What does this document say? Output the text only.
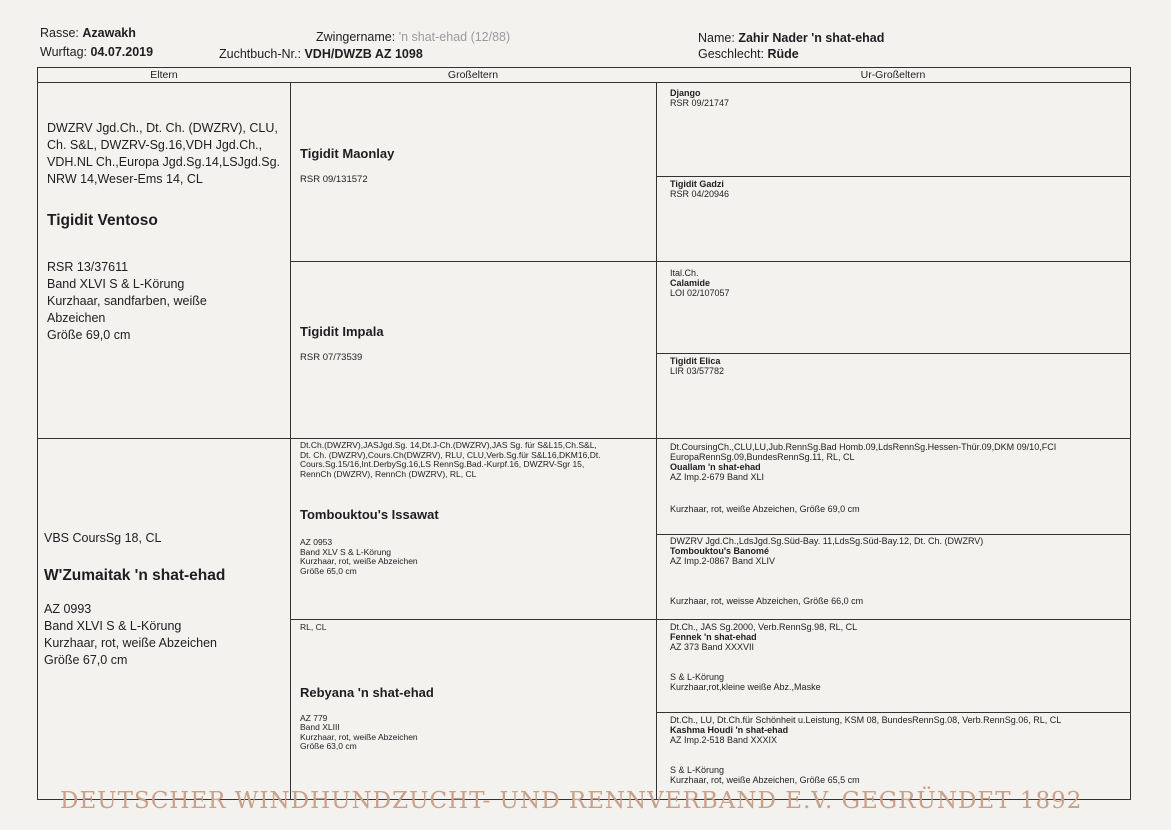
Rasse: Azawakh
Wurftag: 04.07.2019
Zwingername: 'n shat-ehad (12/88)
Zuchtbuch-Nr.: VDH/DWZB AZ 1098
Name: Zahir Nader 'n shat-ehad
Geschlecht: Rüde
Eltern	Großeltern	Ur-Großeltern
DWZRV Jgd.Ch., Dt. Ch. (DWZRV), CLU,
Ch. S&L, DWZRV-Sg.16,VDH Jgd.Ch.,
VDH.NL Ch.,Europa Jgd.Sg.14,LSJgd.Sg.
NRW 14,Weser-Ems 14, CL
Tigidit Ventoso
RSR 13/37611
Band XLVI S & L-Körung
Kurzhaar, sandfarben, weiße
Abzeichen
Größe 69,0 cm
VBS CoursSg 18, CL
W'Zumaitak 'n shat-ehad
AZ 0993
Band XLVI S & L-Körung
Kurzhaar, rot, weiße Abzeichen
Größe 67,0 cm
Tigidit Maonlay
RSR 09/131572
Tigidit Impala
RSR 07/73539
Dt.Ch.(DWZRV),JASJgd.Sg. 14,Dt.J-Ch.(DWZRV),JAS Sg. für S&L15,Ch.S&L,
Dt. Ch. (DWZRV),Cours.Ch(DWZRV), RLU, CLU,Verb.Sg.für S&L16,DKM16,Dt.
Cours.Sg.15/16,Int.DerbySg.16,LS RennSg.Bad.-Kurpf.16, DWZRV-Sgr 15,
RennCh (DWZRV), RennCh (DWZRV), RL, CL
Tombouktou's Issawat
AZ 0953
Band XLV S & L-Körung
Kurzhaar, rot, weiße Abzeichen
Größe 65,0 cm
RL, CL
Rebyana 'n shat-ehad
AZ 779
Band XLIII
Kurzhaar, rot, weiße Abzeichen
Größe 63,0 cm
Django
RSR 09/21747
Tigidit Gadzi
RSR 04/20946
Ital.Ch.
Calamide
LOI 02/107057
Tigidit Elica
LIR 03/57782
Dt.CoursingCh.,CLU,LU,Jub.RennSg.Bad Homb.09,LdsRennSg.Hessen-Thür.09,DKM 09/10,FCI EuropaRennSg.09,BundesRennSg.11, RL, CL
Ouallam 'n shat-ehad
AZ Imp.2-679 Band XLI
Kurzhaar, rot, weiße Abzeichen, Größe 69,0 cm
DWZRV Jgd.Ch.,LdsJgd.Sg.Süd-Bay. 11,LdsSg.Süd-Bay.12, Dt. Ch. (DWZRV)
Tombouktou's Banomé
AZ Imp.2-0867 Band XLIV
Kurzhaar, rot, weisse Abzeichen, Größe 66,0 cm
Dt.Ch., JAS Sg.2000, Verb.RennSg.98, RL, CL
Fennek 'n shat-ehad
AZ 373 Band XXXVII
S & L-Körung
Kurzhaar,rot,kleine weiße Abz.,Maske
Dt.Ch., LU, Dt.Ch.für Schönheit u.Leistung, KSM 08, BundesRennSg.08, Verb.RennSg.06, RL, CL
Kashma Houdi 'n shat-ehad
AZ Imp.2-518 Band XXXIX
S & L-Körung
Kurzhaar, rot, weiße Abzeichen, Größe 65,5 cm
DEUTSCHER WINDHUNDZUCHT- UND RENNVERBAND E.V. GEGRÜNDET 1892
